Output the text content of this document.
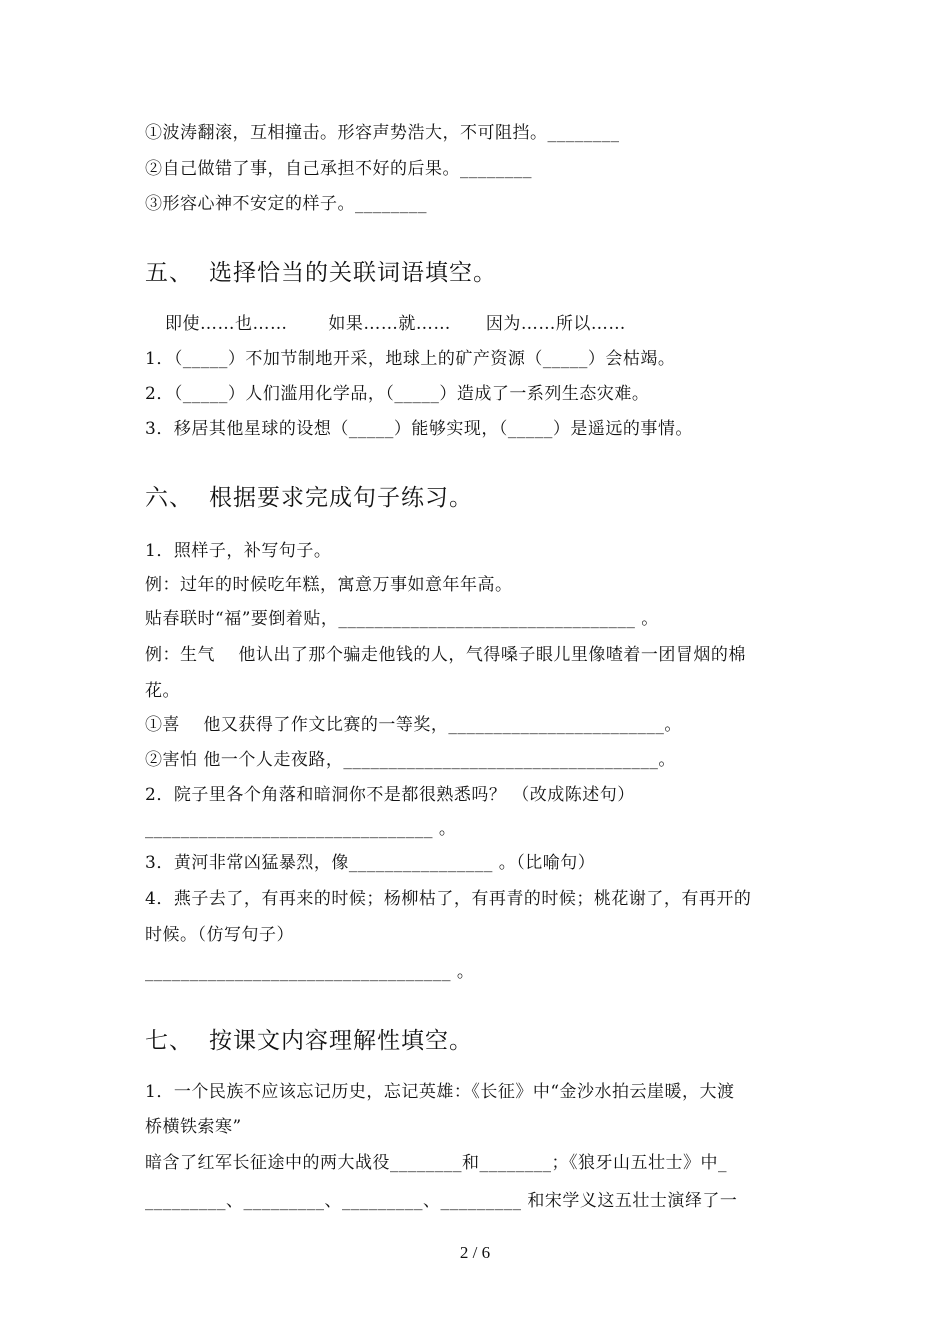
①波涛翻滚，互相撞击。形容声势浩大，不可阻挡。________
②自己做错了事，自己承担不好的后果。________
③形容心神不安定的样子。________
五、 选择恰当的关联词语填空。
即使……也……　　 如果……就……　　因为……所以……
1．（_____）不加节制地开采，地球上的矿产资源（_____）会枯竭。
2．（_____）人们滥用化学品，（_____）造成了一系列生态灾难。
3．移居其他星球的设想（_____）能够实现，（_____）是遥远的事情。
六、 根据要求完成句子练习。
1．照样子，补写句子。
例：过年的时候吃年糕，寓意万事如意年年高。
贴春联时“福”要倒着贴，_________________________________ 。
例：生气　 他认出了那个骗走他钱的人，气得嗓子眼儿里像喳着一团冒烟的棉
花。
①喜　 他又获得了作文比赛的一等奖，________________________。
②害怕 他一个人走夜路，___________________________________。
2．院子里各个角落和暗洞你不是都很熟悉吗？ （改成陈述句）
________________________________ 。
3．黄河非常凶猛暴烈，像________________ 。（比喻句）
4．燕子去了，有再来的时候；杨柳枯了，有再青的时候；桃花谢了，有再开的
时候。（仿写句子）
__________________________________ 。
七、 按课文内容理解性填空。
1．一个民族不应该忘记历史，忘记英雄：《长征》中“金沙水拍云崖暖，大渡
桥横铁索寒”
暗含了红军长征途中的两大战役________和________；《狼牙山五壮士》中_
_________、_________、_________、_________ 和宋学义这五壮士演绎了一
2 / 6
